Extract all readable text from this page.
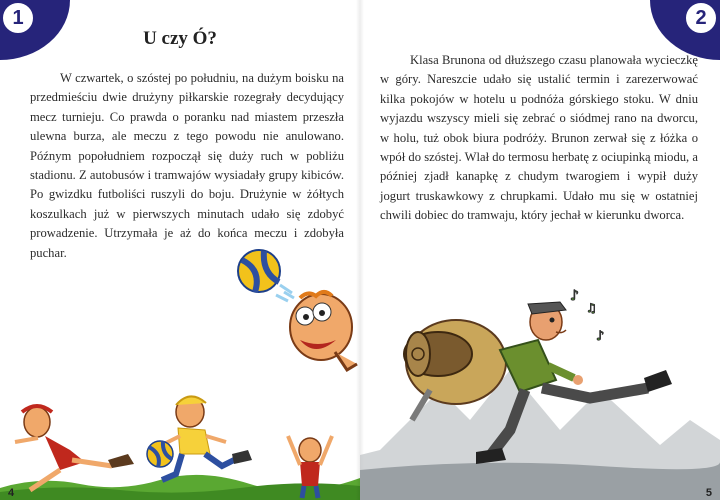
1
U czy Ó?

W czwartek, o szóstej po południu, na dużym boisku na przedmieściu dwie drużyny piłkarskie rozegrały decydujący mecz turnieju. Co prawda o poranku nad miastem przeszła ulewna burza, ale meczu z tego powodu nie anulowano. Późnym popołudniem rozpoczął się duży ruch w pobliżu stadionu. Z autobusów i tramwajów wysiadały grupy kibiców. Po gwizdku futboliści ruszyli do boju. Drużynie w żółtych koszulkach już w pierwszych minutach udało się zdobyć prowadzenie. Utrzymała je aż do końca meczu i zdobyła puchar.

4
2

Klasa Brunona od dłuższego czasu planowała wycieczkę w góry. Nareszcie udało się ustalić termin i zarezerwować kilka pokojów w hotelu u podnóża górskiego stoku. W dniu wyjazdu wszyscy mieli się zebrać o siódmej rano na dworcu, w holu, tuż obok biura podróży. Brunon zerwał się z łóżka o wpół do szóstej. Wlał do termosu herbatę z ociupinką miodu, a później zjadł kanapkę z chudym twarogiem i wypił duży jogurt truskawkowy z chrupkami. Udało mu się w ostatniej chwili dobiec do tramwaju, który jechał w kierunku dworca.

♪
♫
♪
5
